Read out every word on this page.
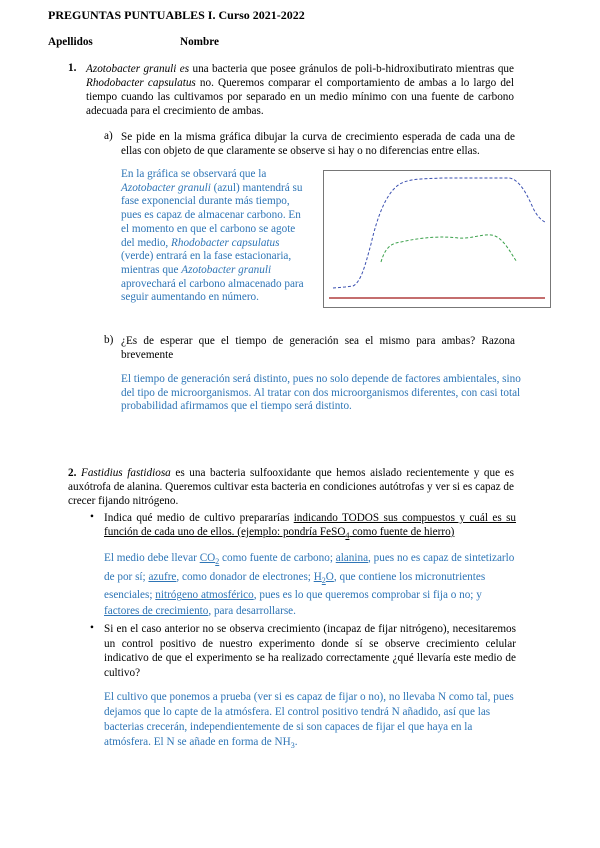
PREGUNTAS PUNTUABLES I. Curso 2021-2022
Apellidos	Nombre
1. Azotobacter granuli es una bacteria que posee gránulos de poli-b-hidroxibutirato mientras que Rhodobacter capsulatus no. Queremos comparar el comportamiento de ambas a lo largo del tiempo cuando las cultivamos por separado en un medio mínimo con una fuente de carbono adecuada para el crecimiento de ambas.
a) Se pide en la misma gráfica dibujar la curva de crecimiento esperada de cada una de ellas con objeto de que claramente se observe si hay o no diferencias entre ellas.
En la gráfica se observará que la Azotobacter granuli (azul) mantendrá su fase exponencial durante más tiempo, pues es capaz de almacenar carbono. En el momento en que el carbono se agote del medio, Rhodobacter capsulatus (verde) entrará en la fase estacionaria, mientras que Azotobacter granuli aprovechará el carbono almacenado para seguir aumentando en número.
b) ¿Es de esperar que el tiempo de generación sea el mismo para ambas? Razona brevemente
El tiempo de generación será distinto, pues no solo depende de factores ambientales, sino del tipo de microorganismos. Al tratar con dos microorganismos diferentes, con casi total probabilidad afirmamos que el tiempo será distinto.
2. Fastidius fastidiosa es una bacteria sulfooxidante que hemos aislado recientemente y que es auxótrofa de alanina. Queremos cultivar esta bacteria en condiciones autótrofas y ver si es capaz de crecer fijando nitrógeno.
• Indica qué medio de cultivo prepararías indicando TODOS sus compuestos y cuál es su función de cada uno de ellos. (ejemplo: pondría FeSO$_4$ como fuente de hierro)
El medio debe llevar $CO_2$ como fuente de carbono; alanina, pues no es capaz de sintetizarlo de por sí; azufre, como donador de electrones; $H_2O$, que contiene los micronutrientes esenciales; nitrógeno atmosférico, pues es lo que queremos comprobar si fija o no; y factores de crecimiento, para desarrollarse.
• Si en el caso anterior no se observa crecimiento (incapaz de fijar nitrógeno), necesitaremos un control positivo de nuestro experimento donde sí se observe crecimiento celular indicativo de que el experimento se ha realizado correctamente ¿qué llevaría este medio de cultivo?
El cultivo que ponemos a prueba (ver si es capaz de fijar o no), no llevaba N como tal, pues dejamos que lo capte de la atmósfera. El control positivo tendrá N añadido, así que las bacterias crecerán, independientemente de si son capaces de fijar el que haya en la atmósfera. El N se añade en forma de $NH_3$.
